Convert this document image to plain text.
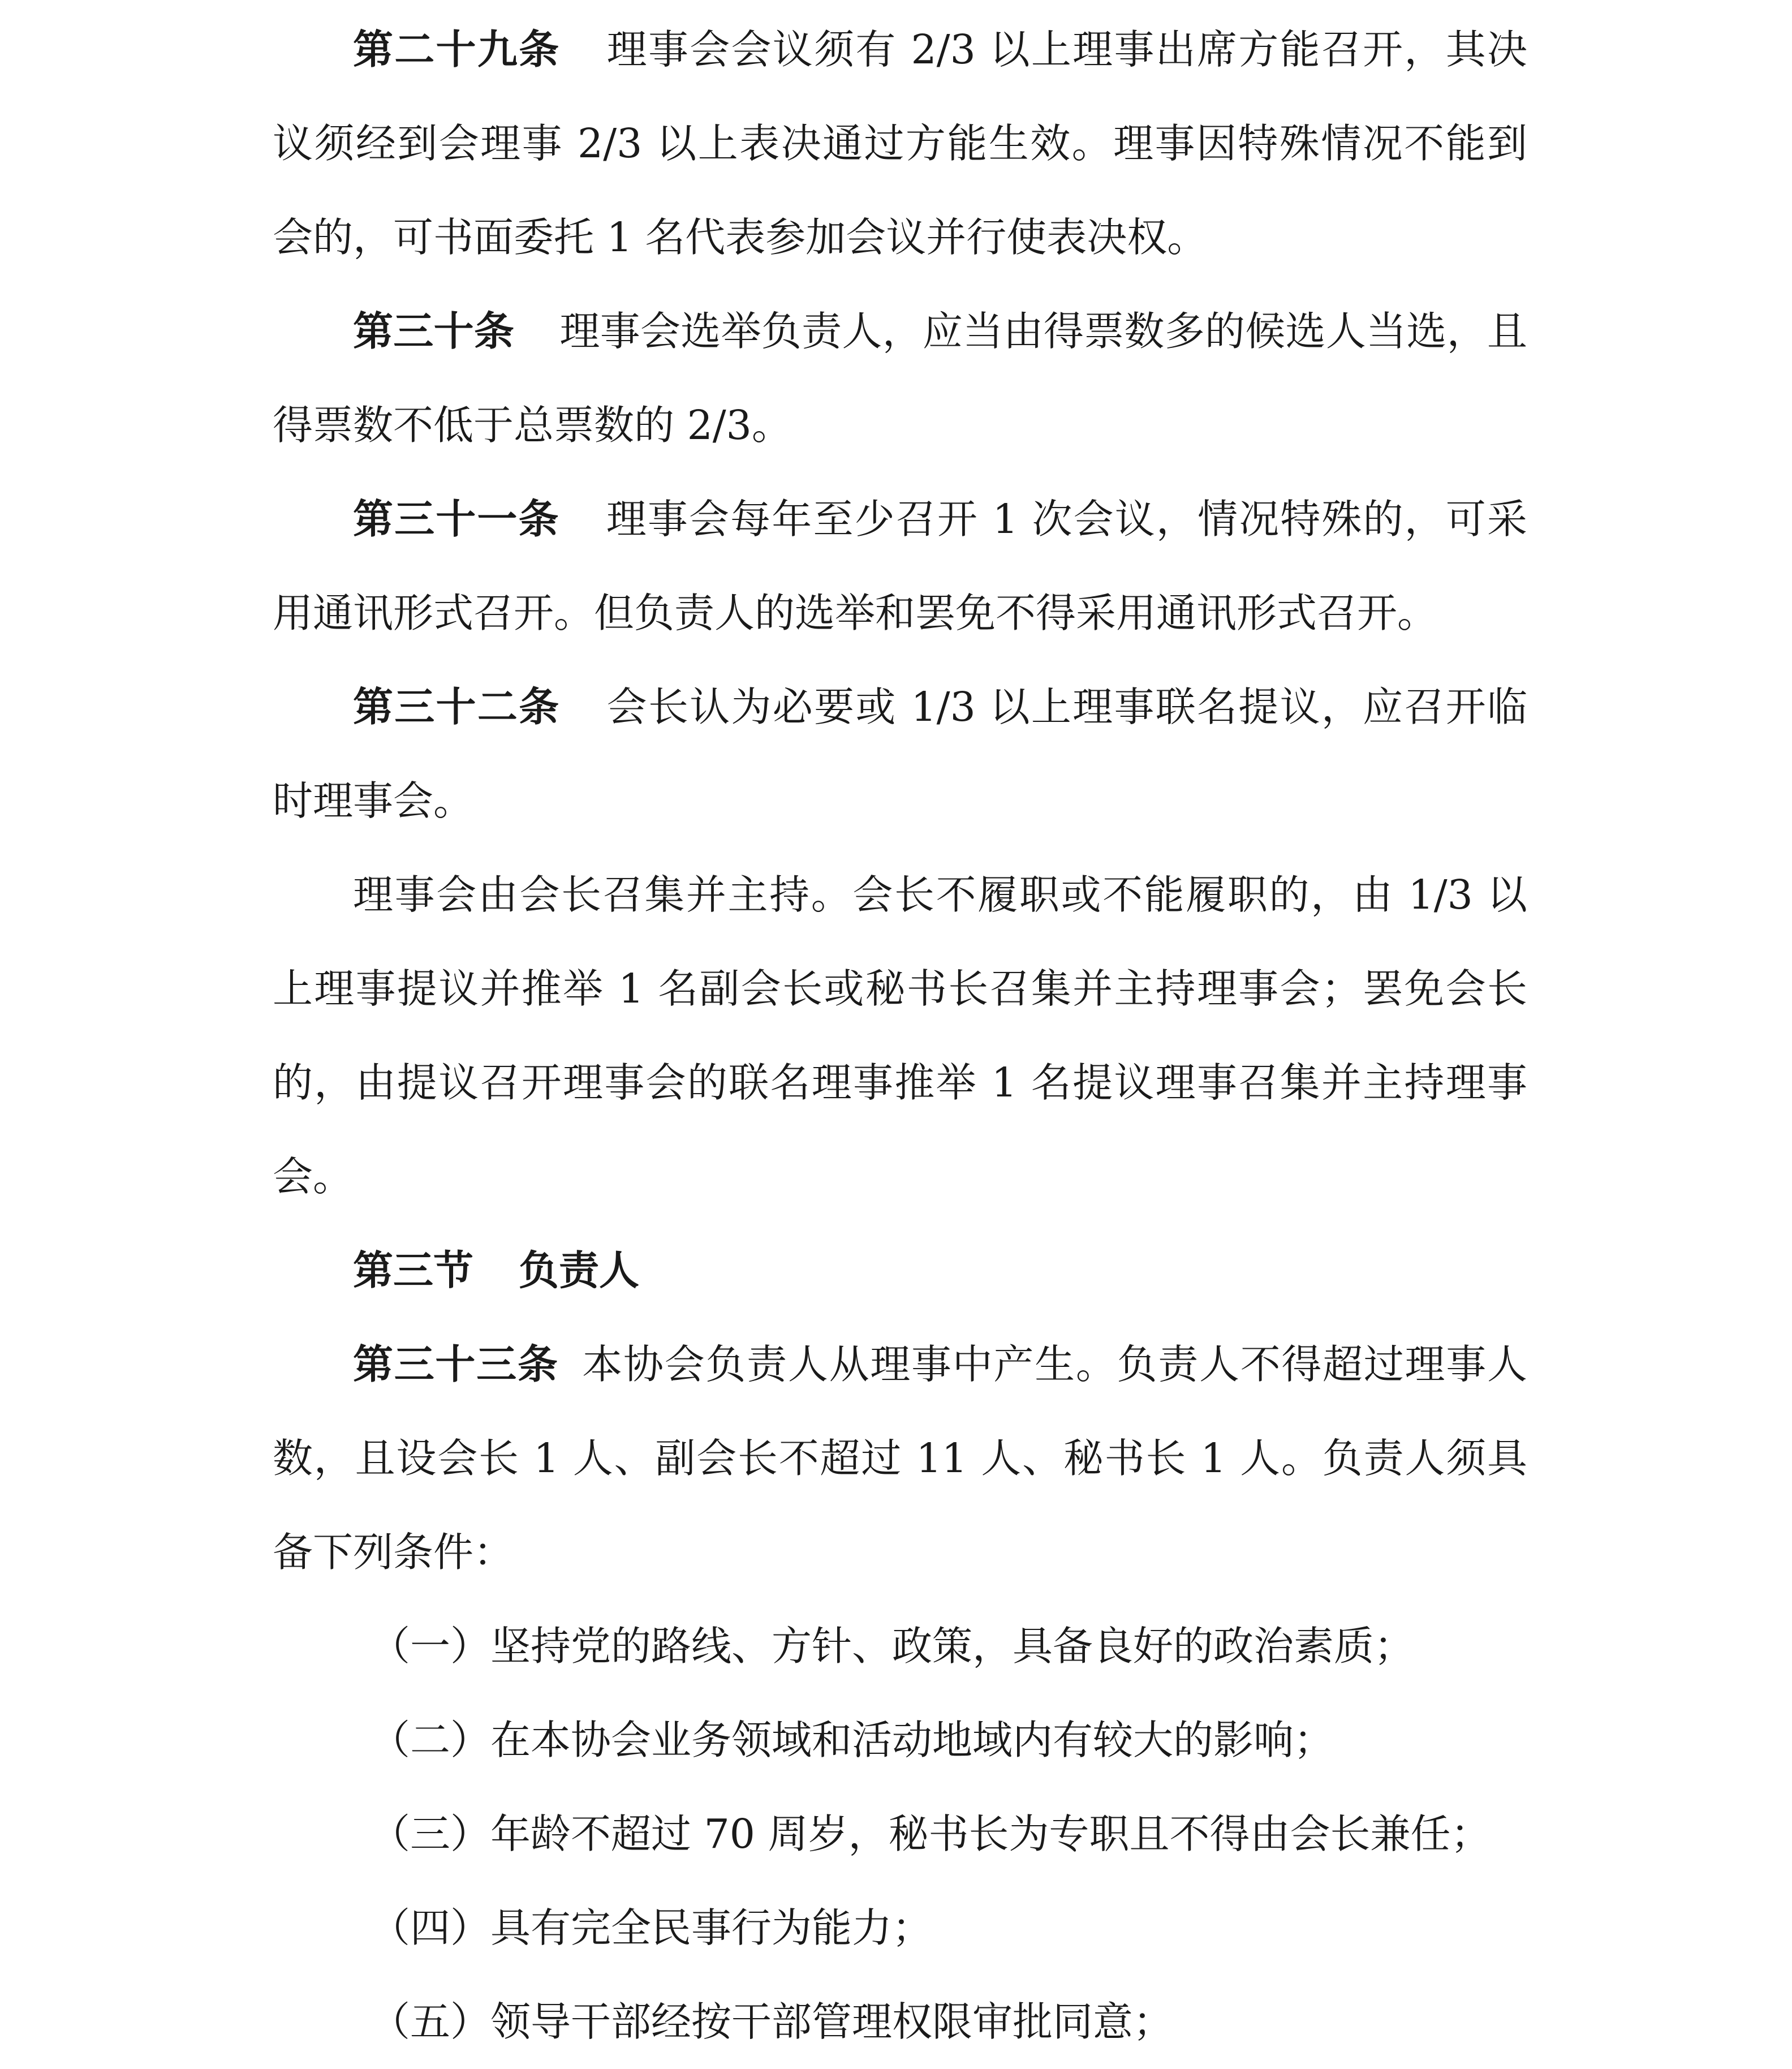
第二十九条 理事会会议须有 2/3 以上理事出席方能召开，其决议须经到会理事 2/3 以上表决通过方能生效。理事因特殊情况不能到会的，可书面委托 1 名代表参加会议并行使表决权。

第三十条 理事会选举负责人，应当由得票数多的候选人当选，且得票数不低于总票数的 2/3。

第三十一条 理事会每年至少召开 1 次会议，情况特殊的，可采用通讯形式召开。但负责人的选举和罢免不得采用通讯形式召开。

第三十二条 会长认为必要或 1/3 以上理事联名提议，应召开临时理事会。

理事会由会长召集并主持。会长不履职或不能履职的，由 1/3 以上理事提议并推举 1 名副会长或秘书长召集并主持理事会；罢免会长的，由提议召开理事会的联名理事推举 1 名提议理事召集并主持理事会。

第三节 负责人

第三十三条 本协会负责人从理事中产生。负责人不得超过理事人数，且设会长 1 人、副会长不超过 11 人、秘书长 1 人。负责人须具备下列条件：

（一）坚持党的路线、方针、政策，具备良好的政治素质；

（二）在本协会业务领域和活动地域内有较大的影响；

（三）年龄不超过 70 周岁，秘书长为专职且不得由会长兼任；

（四）具有完全民事行为能力；

（五）领导干部经按干部管理权限审批同意；
